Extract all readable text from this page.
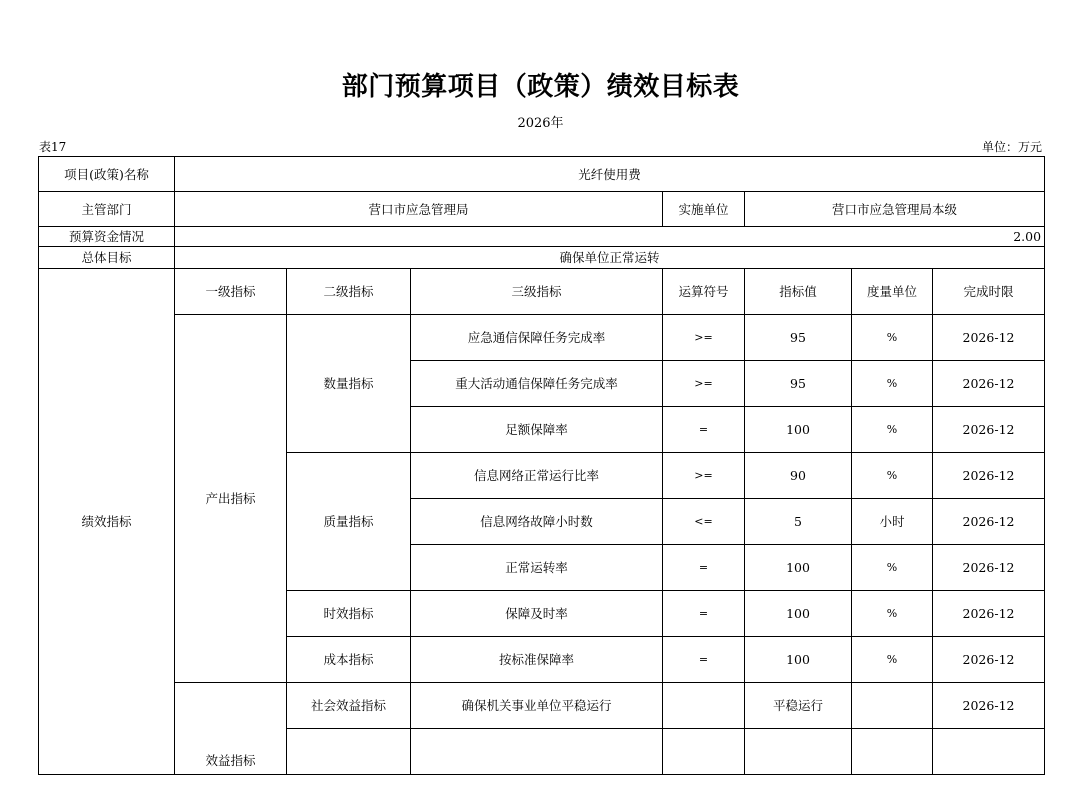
部门预算项目（政策）绩效目标表
2026年
表17	单位：万元
项目(政策)名称	光纤使用费						
主管部门	营口市应急管理局			实施单位	营口市应急管理局本级		
预算资金情况	2.00						
总体目标	确保单位正常运转						
绩效指标	一级指标	二级指标	三级指标	运算符号	指标值	度量单位	完成时限
	产出指标	数量指标	应急通信保障任务完成率	>=	95	%	2026-12
			重大活动通信保障任务完成率	>=	95	%	2026-12
			足额保障率	=	100	%	2026-12
		质量指标	信息网络正常运行比率	>=	90	%	2026-12
			信息网络故障小时数	<=	5	小时	2026-12
			正常运转率	=	100	%	2026-12
		时效指标	保障及时率	=	100	%	2026-12
		成本指标	按标准保障率	=	100	%	2026-12
	效益指标	社会效益指标	确保机关事业单位平稳运行		平稳运行		2026-12
